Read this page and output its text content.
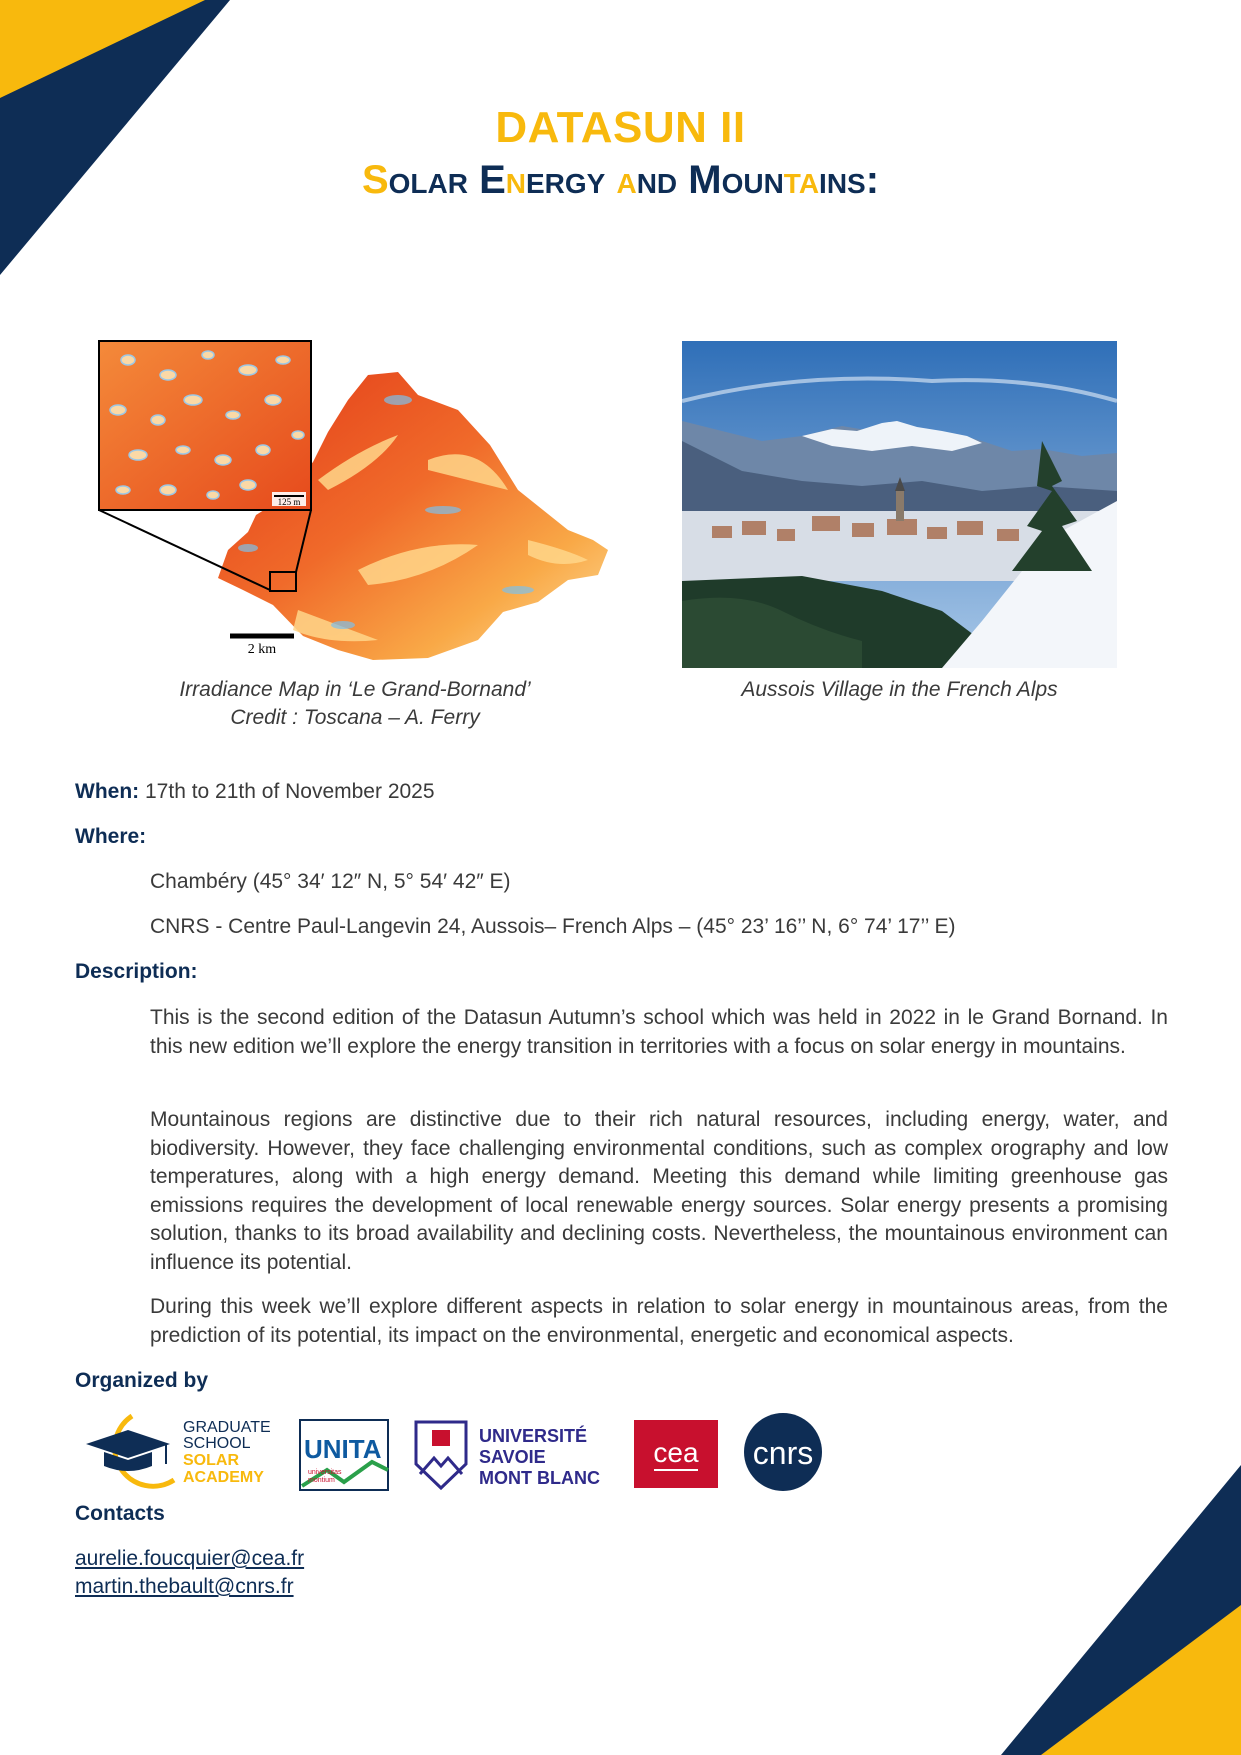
DATASUN II
Solar Energy and Mountains:
125 m
2 km
Irradiance Map in ‘Le Grand-Bornand’
Credit : Toscana – A. Ferry
Aussois Village in the French Alps
When: 17th to 21th of November 2025
Where:
Chambéry (45° 34′ 12″ N, 5° 54′ 42″ E)
CNRS - Centre Paul-Langevin 24, Aussois– French Alps – (45° 23’ 16’’ N, 6° 74’ 17’’ E)
Description:
This is the second edition of the Datasun Autumn’s school which was held in 2022 in le Grand Bornand. In this new edition we’ll explore the energy transition in territories with a focus on solar energy in mountains.
Mountainous regions are distinctive due to their rich natural resources, including energy, water, and biodiversity. However, they face challenging environmental conditions, such as complex orography and low temperatures, along with a high energy demand. Meeting this demand while limiting greenhouse gas emissions requires the development of local renewable energy sources. Solar energy presents a promising solution, thanks to its broad availability and declining costs. Nevertheless, the mountainous environment can influence its potential.
During this week we’ll explore different aspects in relation to solar energy in mountainous areas, from the prediction of its potential, its impact on the environmental, energetic and economical aspects.
Organized by
GRADUATE
SCHOOL
SOLAR
ACADEMY
UNITA
universitas
montium
UNIVERSITÉ
SAVOIE
MONT BLANC
cea cnrs
Contacts
aurelie.foucquier@cea.fr
martin.thebault@cnrs.fr
